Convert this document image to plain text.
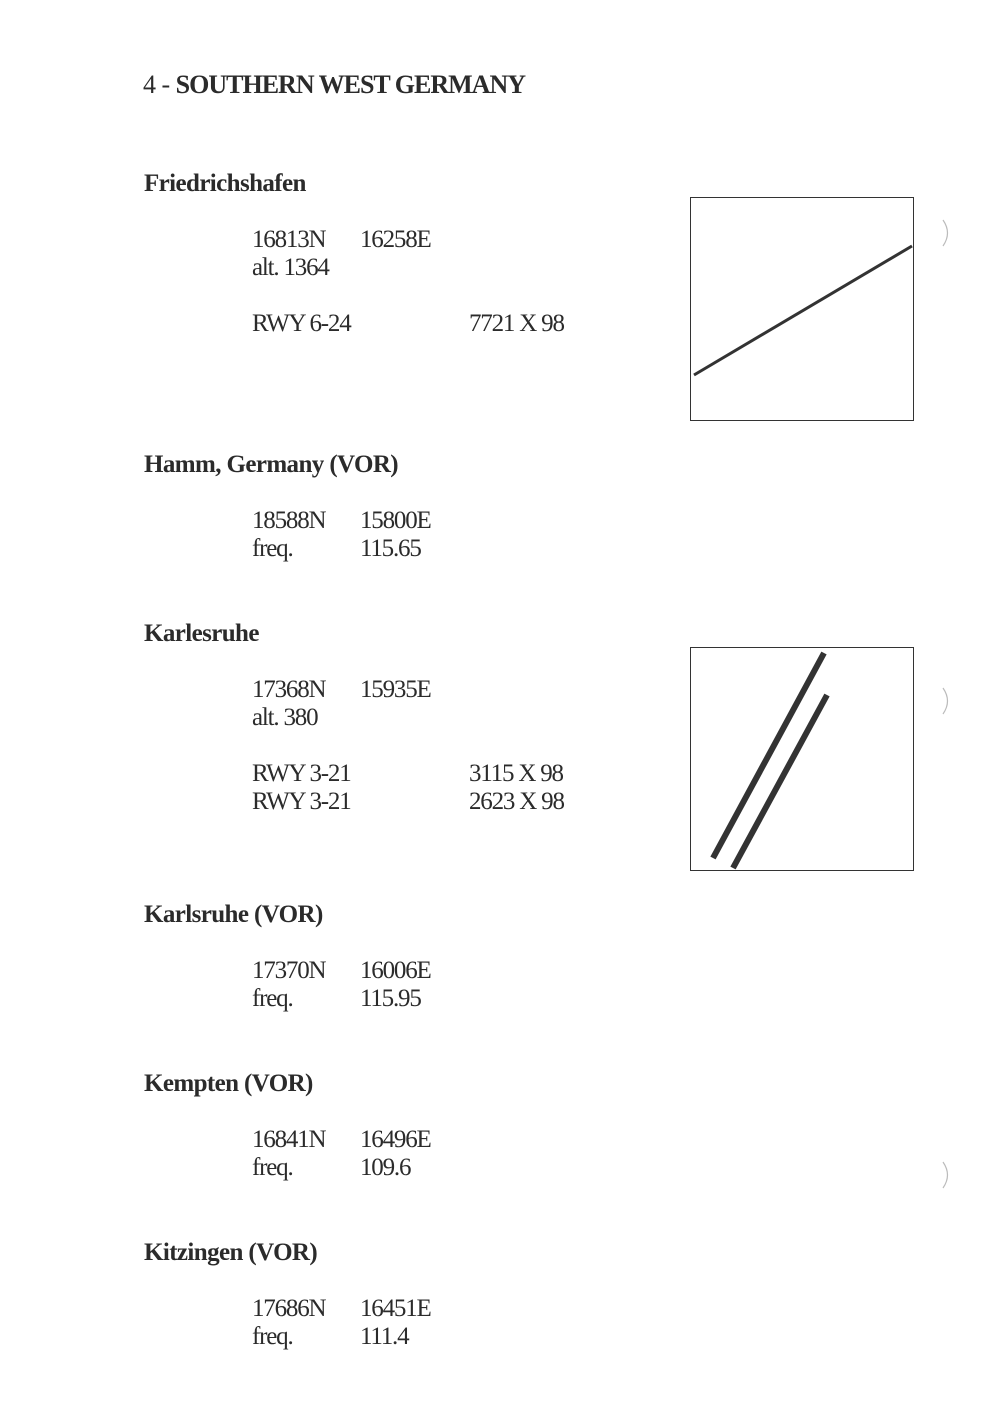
4 - SOUTHERN WEST GERMANY
Friedrichshafen
16813N 16258E
alt. 1364
RWY 6-24	7721 X 98
Hamm, Germany (VOR)
18588N 15800E
freq.	115.65
Karlesruhe
17368N 15935E
alt. 380
RWY 3-21	3115 X 98
RWY 3-21	2623 X 98
Karlsruhe (VOR)
17370N 16006E
freq.	115.95
Kempten (VOR)
16841N 16496E
freq.	109.6
Kitzingen (VOR)
17686N 16451E
freq.	111.4
